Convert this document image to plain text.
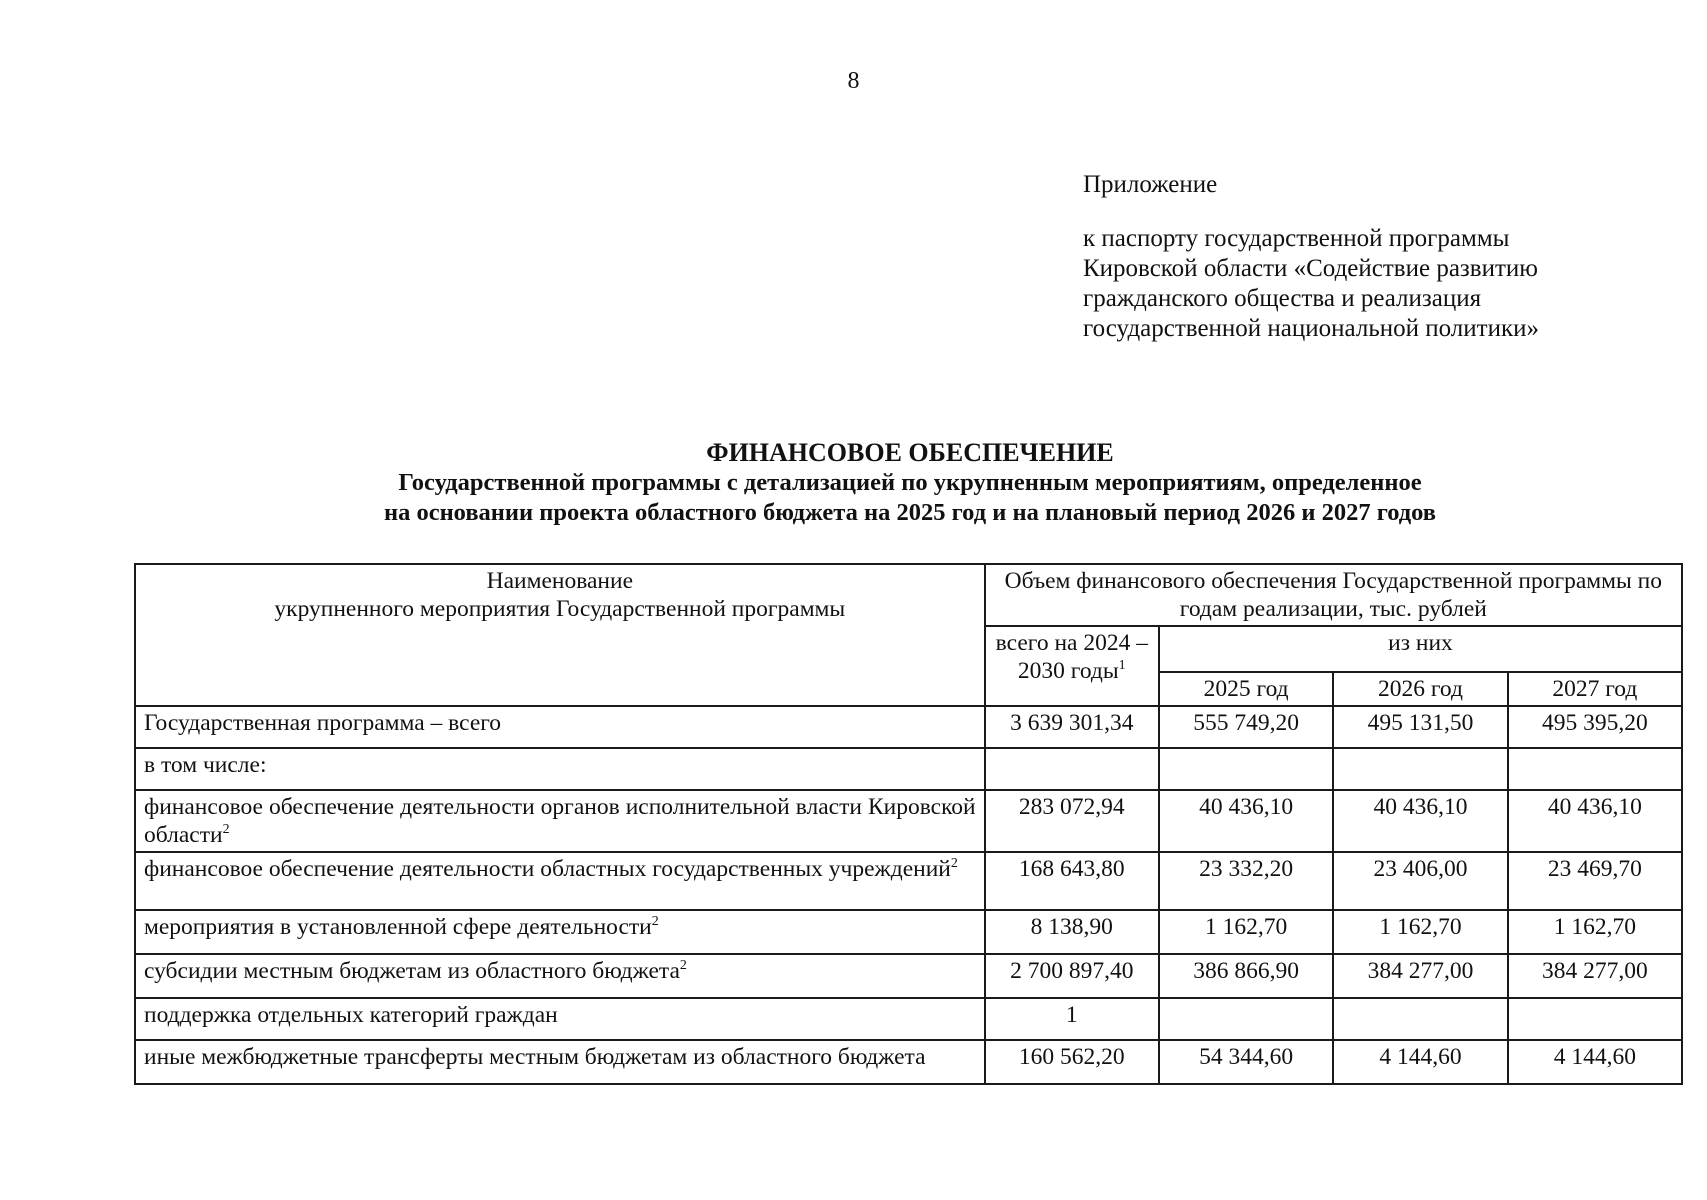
8
Приложение
к паспорту государственной программы
Кировской области «Содействие развитию
гражданского общества и реализация
государственной национальной политики»
ФИНАНСОВОЕ ОБЕСПЕЧЕНИЕ
Государственной программы с детализацией по укрупненным мероприятиям, определенное
на основании проекта областного бюджета на 2025 год и на плановый период 2026 и 2027 годов
Наименование
укрупненного мероприятия Государственной программы	Объем финансового обеспечения Государственной программы по годам реализации, тыс. рублей			
	всего на 2024 – 2030 годы$^1$	из них		
		2025 год	2026 год	2027 год
Государственная программа – всего	3 639 301,34	555 749,20	495 131,50	495 395,20
в том числе:				
финансовое обеспечение деятельности органов исполнительной власти Кировской области$^2$	283 072,94	40 436,10	40 436,10	40 436,10
финансовое обеспечение деятельности областных государственных учреждений$^2$	168 643,80	23 332,20	23 406,00	23 469,70
мероприятия в установленной сфере деятельности$^2$	8 138,90	1 162,70	1 162,70	1 162,70
субсидии местным бюджетам из областного бюджета$^2$	2 700 897,40	386 866,90	384 277,00	384 277,00
поддержка отдельных категорий граждан	1			
иные межбюджетные трансферты местным бюджетам из областного бюджета	160 562,20	54 344,60	4 144,60	4 144,60
